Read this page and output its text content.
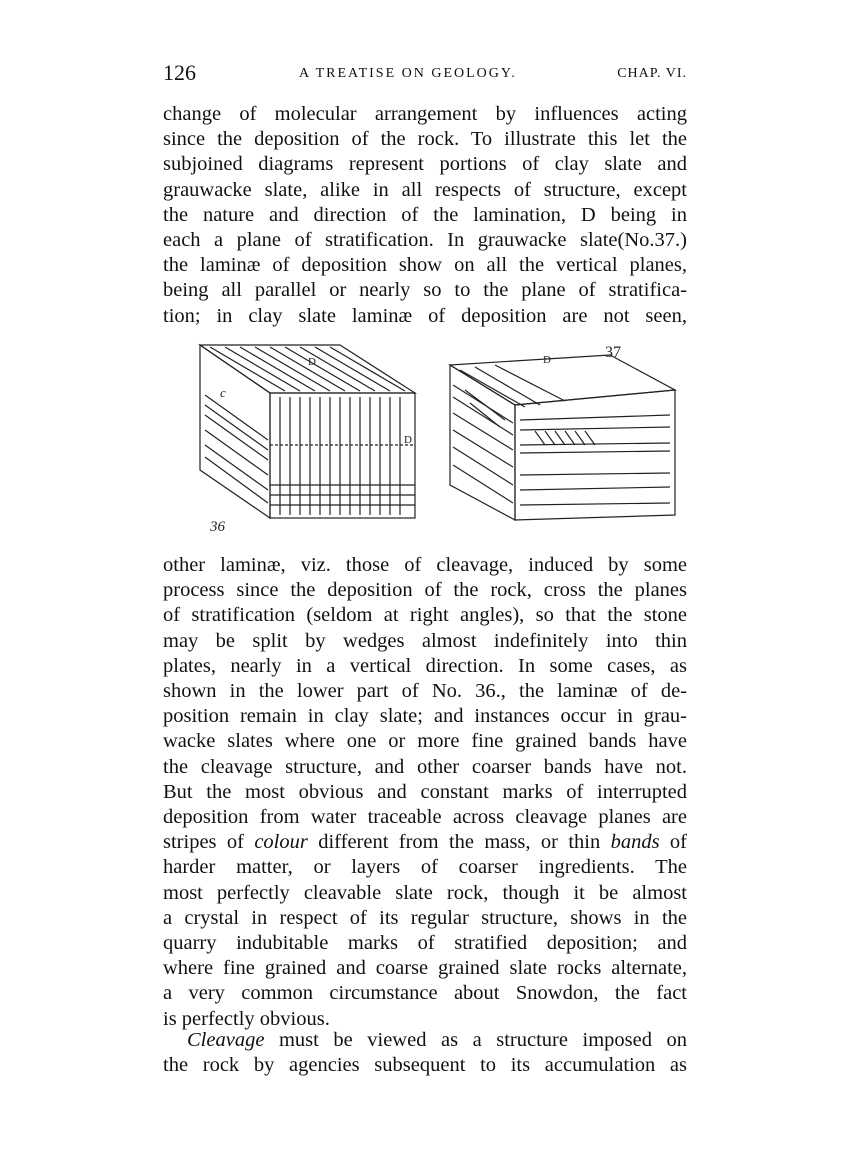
126	A TREATISE ON GEOLOGY.	CHAP. VI.
change of molecular arrangement by influences acting
since the deposition of the rock. To illustrate this let the
subjoined diagrams represent portions of clay slate and
grauwacke slate, alike in all respects of structure, except
the nature and direction of the lamination, D being in
each a plane of stratification. In grauwacke slate(No.37.)
the laminæ of deposition show on all the vertical planes,
being all parallel or nearly so to the plane of stratifica-
tion; in clay slate laminæ of deposition are not seen,
c
D
D
36
D	37
other laminæ, viz. those of cleavage, induced by some
process since the deposition of the rock, cross the planes
of stratification (seldom at right angles), so that the stone
may be split by wedges almost indefinitely into thin
plates, nearly in a vertical direction. In some cases, as
shown in the lower part of No. 36., the laminæ of de-
position remain in clay slate; and instances occur in grau-
wacke slates where one or more fine grained bands have
the cleavage structure, and other coarser bands have not.
But the most obvious and constant marks of interrupted
deposition from water traceable across cleavage planes are
stripes of colour different from the mass, or thin bands of
harder matter, or layers of coarser ingredients. The
most perfectly cleavable slate rock, though it be almost
a crystal in respect of its regular structure, shows in the
quarry indubitable marks of stratified deposition; and
where fine grained and coarse grained slate rocks alternate,
a very common circumstance about Snowdon, the fact
is perfectly obvious.
Cleavage must be viewed as a structure imposed on
the rock by agencies subsequent to its accumulation as
